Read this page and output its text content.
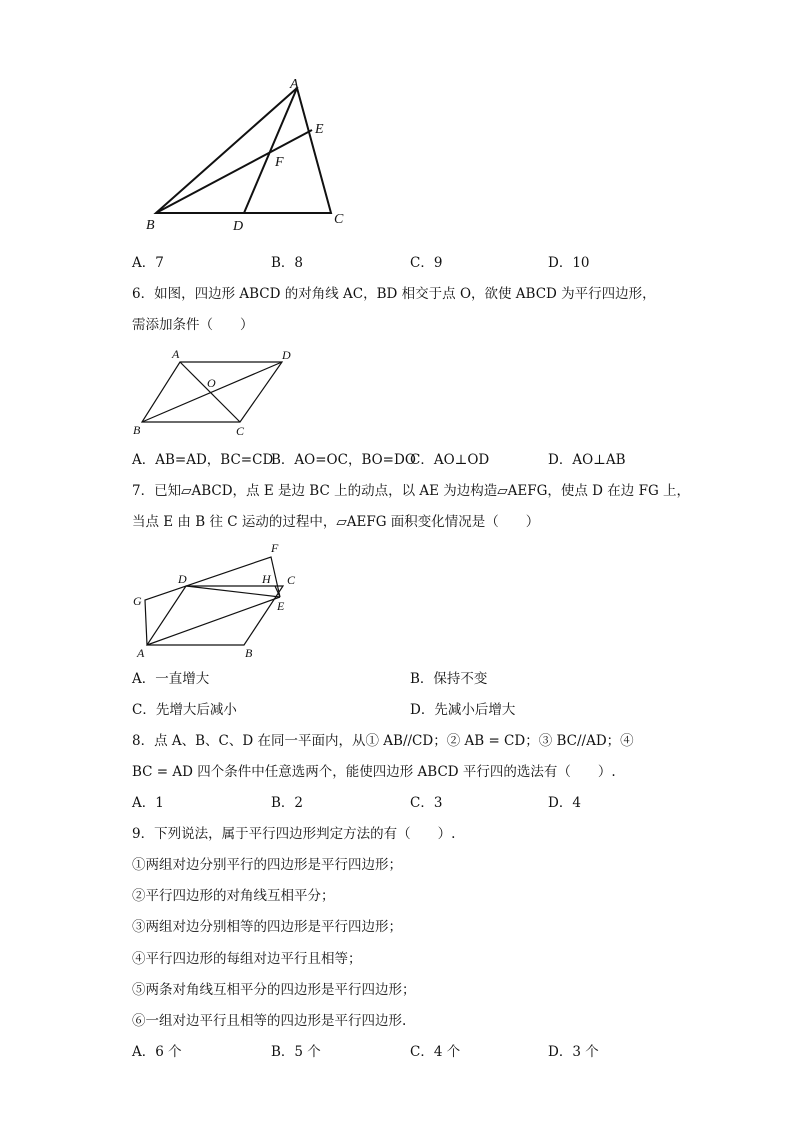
A
E
F
B	D	C
A	D
O
B	C
F
D	H C
E
G
A	B
A．7	B．8	C．9	D．10
6．如图，四边形 ABCD 的对角线 AC，BD 相交于点 O，欲使 ABCD 为平行四边形，
需添加条件（　　）
A．AB=AD，BC=CD
B．AO=OC，BO=DO
C．AO⊥OD	D．AO⊥AB
7．已知▱ABCD，点 E 是边 BC 上的动点，以 AE 为边构造▱AEFG，使点 D 在边 FG 上，
当点 E 由 B 往 C 运动的过程中，▱AEFG 面积变化情况是（　　）
A．一直增大	B．保持不变
C．先增大后减小	D．先减小后增大
8．点 A、B、C、D 在同一平面内，从① AB//CD；② AB = CD；③ BC//AD；④
BC = AD 四个条件中任意选两个，能使四边形 ABCD 平行四的选法有（　　）.
A．1	B．2	C．3	D．4
9．下列说法，属于平行四边形判定方法的有（　　）.
①两组对边分别平行的四边形是平行四边形；
②平行四边形的对角线互相平分；
③两组对边分别相等的四边形是平行四边形；
④平行四边形的每组对边平行且相等；
⑤两条对角线互相平分的四边形是平行四边形；
⑥一组对边平行且相等的四边形是平行四边形.
A．6 个	B．5 个	C．4 个	D．3 个
